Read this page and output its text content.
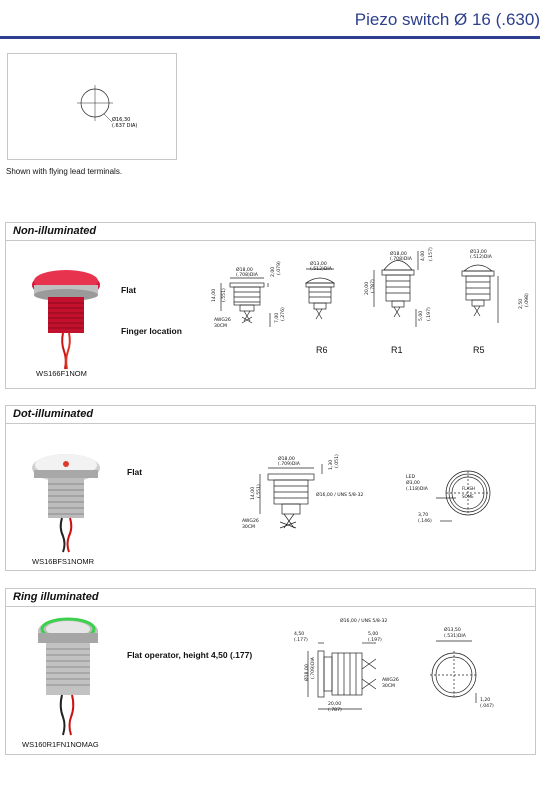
Piezo switch Ø 16 (.630)
Ø16,30
(.637 DIA)
Shown with flying lead terminals.
Non-illuminated
Ø18,00
(.708)DIA
14,00 (.551)
2,00 (.079)
AWG26
30CM
7,00 (.276)
Ø13,00
(.512)DIA
Ø18,00
(.708)DIA
20,00 (.787)
4,00 (.157)
5,00 (.197)
Ø13,00
(.512)DIA
2,50 (.098)
Flat
Finger location
R6	R1	R5
WS166F1NOM
Dot-illuminated
Ø18,00
(.709)DIA	1,30 (.051)
14,00 (.551)	Ø16,00 / UNS 5/8-32
AWG26
30CM
LED
Ø3,00
(.118)DIA
3,70
(.146)
FLASH
SOME
Flat
WS16BFS1NOMR
Ring illuminated
Ø16,00 / UNS 5/8-32
4,50
(.177)
5,00
(.197)
Ø18,00 (.709)DIA
AWG26
30CM
20,00
(.787)
Ø13,50
(.531)DIA
1,20
(.047)
Flat operator, height 4,50 (.177)
WS160R1FN1NOMAG
